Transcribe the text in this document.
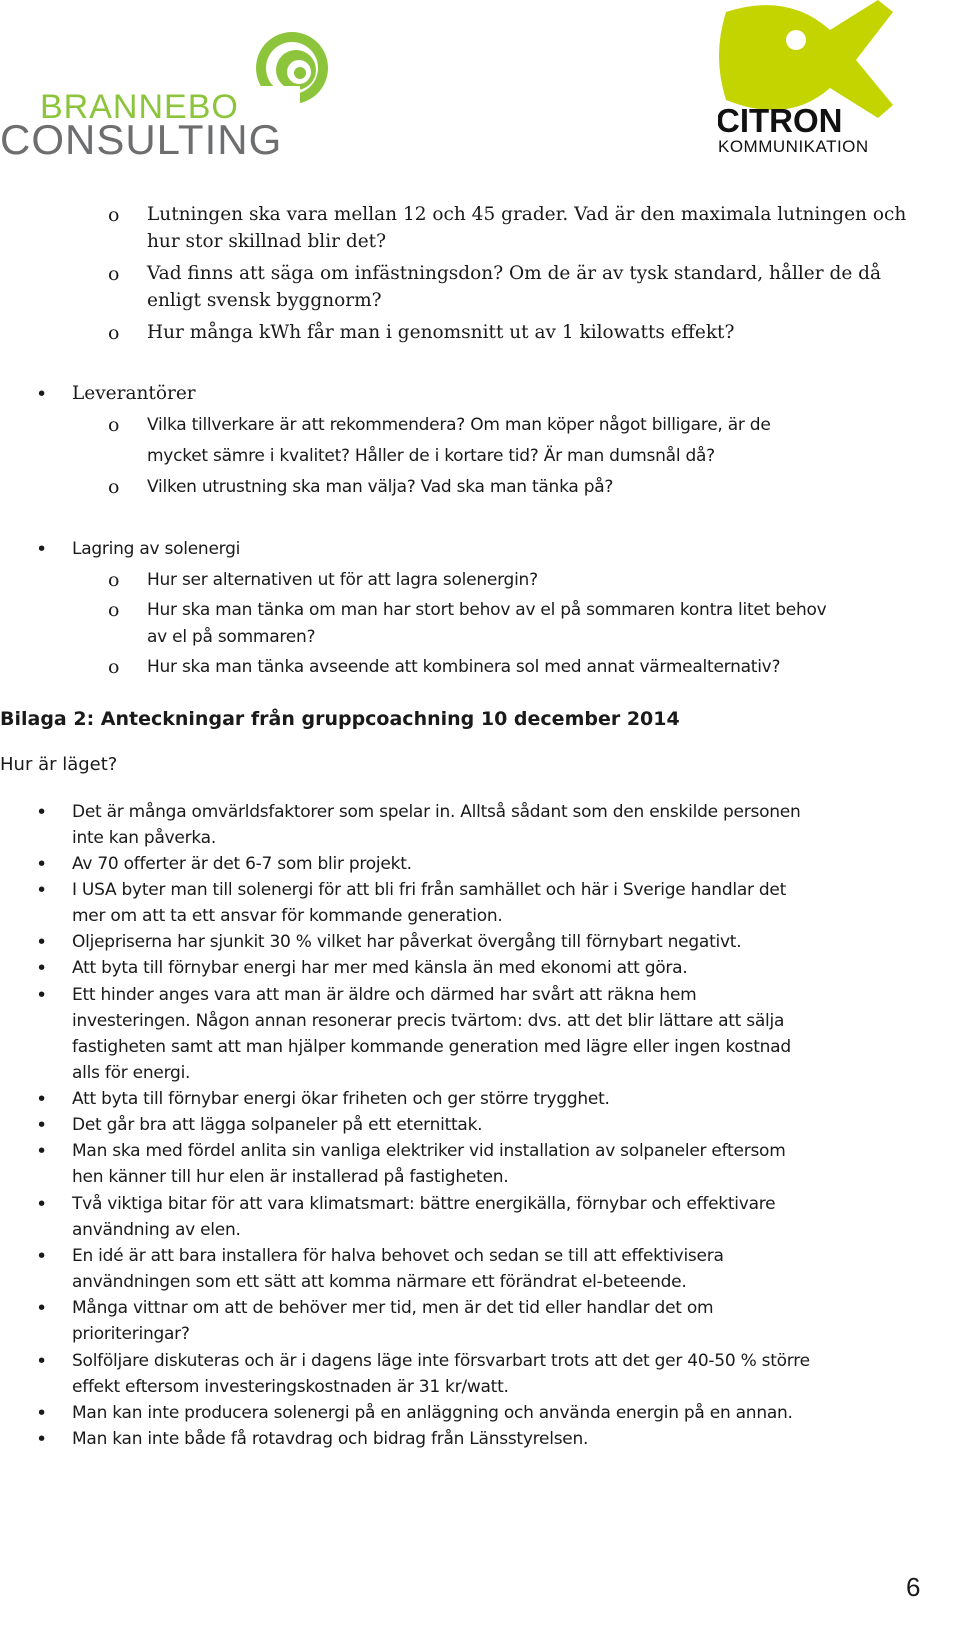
BRANNEBO
CONSULTING	CITRON
KOMMUNIKATION
o Lutningen ska vara mellan 12 och 45 grader. Vad är den maximala lutningen och
hur stor skillnad blir det?
o Vad finns att säga om infästningsdon? Om de är av tysk standard, håller de då
enligt svensk byggnorm?
o Hur många kWh får man i genomsnitt ut av 1 kilowatts effekt?
• Leverantörer
o Vilka tillverkare är att rekommendera? Om man köper något billigare, är de
mycket sämre i kvalitet? Håller de i kortare tid? Är man dumsnål då?
o Vilken utrustning ska man välja? Vad ska man tänka på?
• Lagring av solenergi
o Hur ser alternativen ut för att lagra solenergin?
o Hur ska man tänka om man har stort behov av el på sommaren kontra litet behov
av el på sommaren?
o Hur ska man tänka avseende att kombinera sol med annat värmealternativ?
Bilaga 2: Anteckningar från gruppcoachning 10 december 2014
Hur är läget?
• Det är många omvärldsfaktorer som spelar in. Alltså sådant som den enskilde personen
inte kan påverka.
• Av 70 offerter är det 6-7 som blir projekt.
• I USA byter man till solenergi för att bli fri från samhället och här i Sverige handlar det
mer om att ta ett ansvar för kommande generation.
• Oljepriserna har sjunkit 30 % vilket har påverkat övergång till förnybart negativt.
• Att byta till förnybar energi har mer med känsla än med ekonomi att göra.
• Ett hinder anges vara att man är äldre och därmed har svårt att räkna hem
investeringen. Någon annan resonerar precis tvärtom: dvs. att det blir lättare att sälja
fastigheten samt att man hjälper kommande generation med lägre eller ingen kostnad
alls för energi.
• Att byta till förnybar energi ökar friheten och ger större trygghet.
• Det går bra att lägga solpaneler på ett eternittak.
• Man ska med fördel anlita sin vanliga elektriker vid installation av solpaneler eftersom
hen känner till hur elen är installerad på fastigheten.
• Två viktiga bitar för att vara klimatsmart: bättre energikälla, förnybar och effektivare
användning av elen.
• En idé är att bara installera för halva behovet och sedan se till att effektivisera
användningen som ett sätt att komma närmare ett förändrat el-beteende.
• Många vittnar om att de behöver mer tid, men är det tid eller handlar det om
prioriteringar?
• Solföljare diskuteras och är i dagens läge inte försvarbart trots att det ger 40-50 % större
effekt eftersom investeringskostnaden är 31 kr/watt.
• Man kan inte producera solenergi på en anläggning och använda energin på en annan.
• Man kan inte både få rotavdrag och bidrag från Länsstyrelsen.
6
